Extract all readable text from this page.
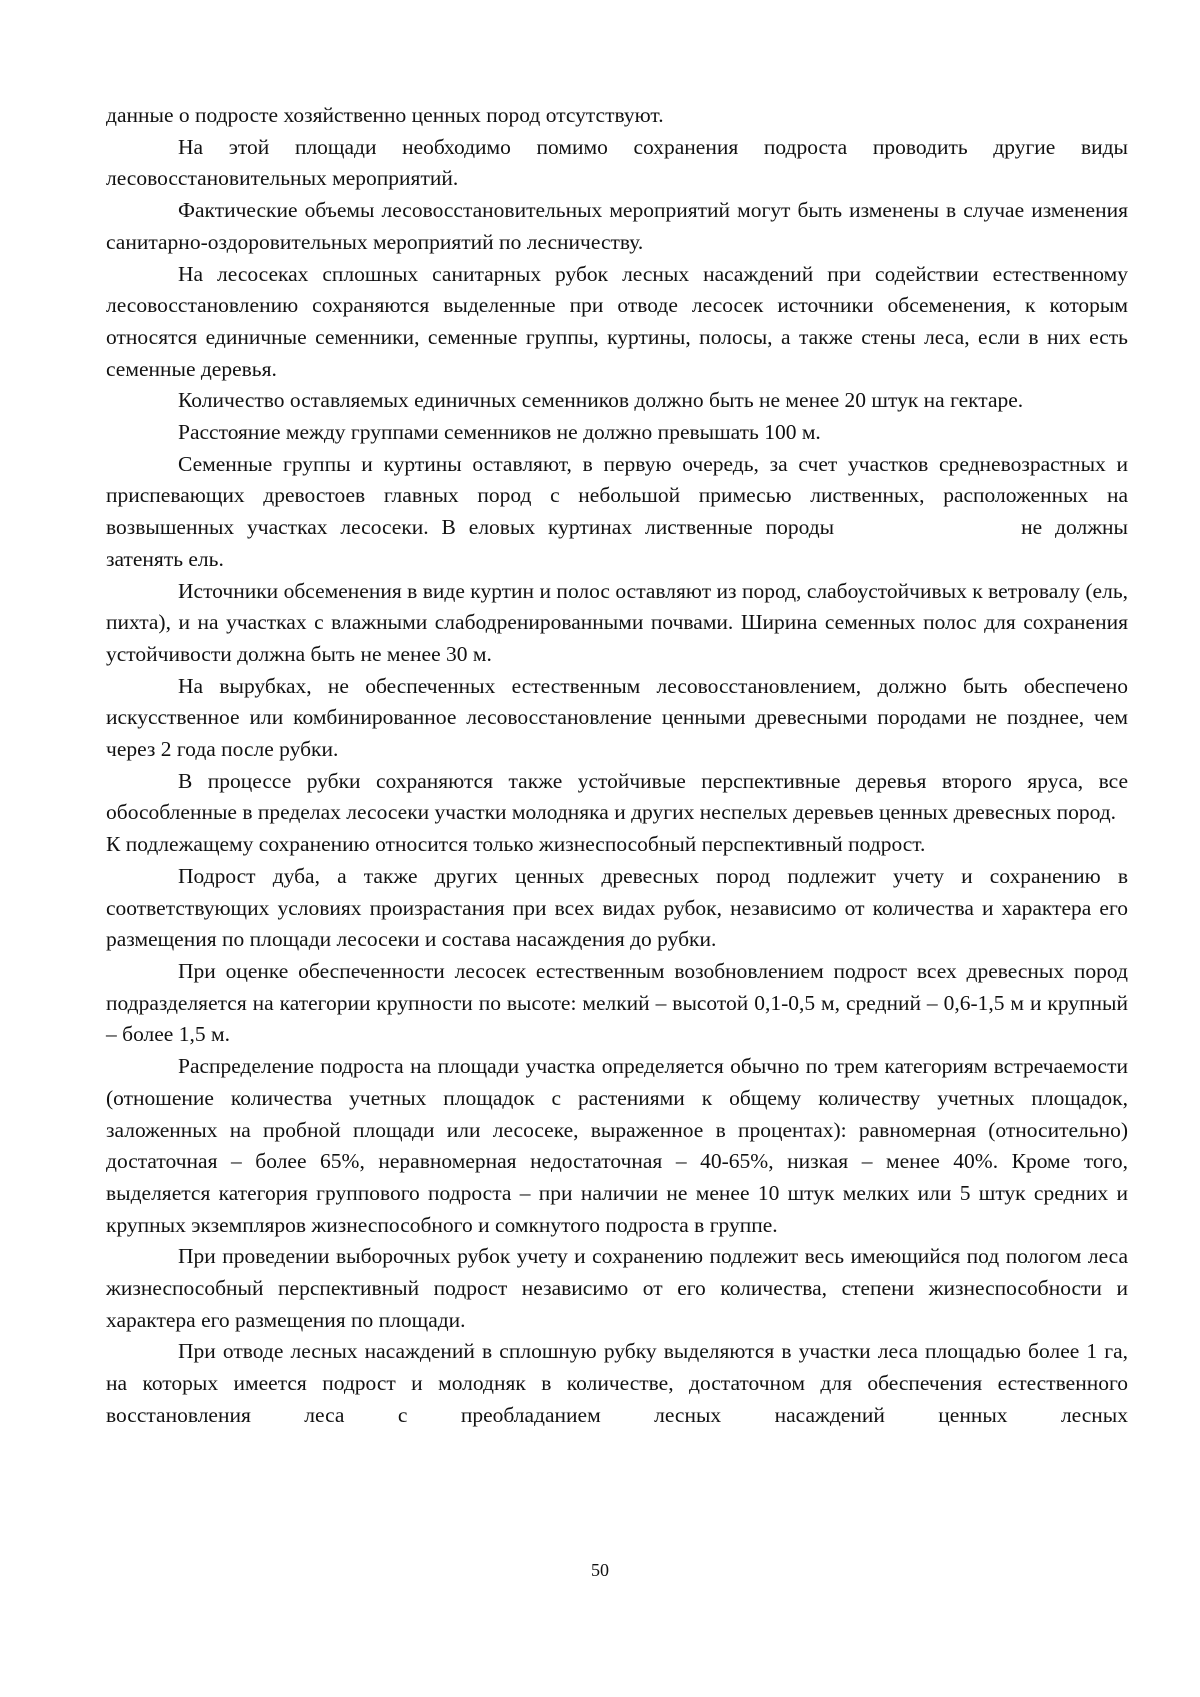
данные о подросте хозяйственно ценных пород отсутствуют.

На этой площади необходимо помимо сохранения подроста проводить другие виды лесовосстановительных мероприятий.

Фактические объемы лесовосстановительных мероприятий могут быть изменены в случае изменения санитарно-оздоровительных мероприятий по лесничеству.

На лесосеках сплошных санитарных рубок лесных насаждений при содействии естественному лесовосстановлению сохраняются выделенные при отводе лесосек источники обсеменения, к которым относятся единичные семенники, семенные группы, куртины, полосы, а также стены леса, если в них есть семенные деревья.

Количество оставляемых единичных семенников должно быть не менее 20 штук на гектаре.

Расстояние между группами семенников не должно превышать 100 м.

Семенные группы и куртины оставляют, в первую очередь, за счет участков средневозрастных и приспевающих древостоев главных пород с небольшой примесью лиственных, расположенных на возвышенных участках лесосеки. В еловых куртинах лиственные породы	не должны затенять ель.

Источники обсеменения в виде куртин и полос оставляют из пород, слабоустойчивых к ветровалу (ель, пихта), и на участках с влажными слабодренированными почвами. Ширина семенных полос для сохранения устойчивости должна быть не менее 30 м.

На вырубках, не обеспеченных естественным лесовосстановлением, должно быть обеспечено искусственное или комбинированное лесовосстановление ценными древесными породами не позднее, чем через 2 года после рубки.

В процессе рубки сохраняются также устойчивые перспективные деревья второго яруса, все обособленные в пределах лесосеки участки молодняка и других неспелых деревьев ценных древесных пород.

К подлежащему сохранению относится только жизнеспособный перспективный подрост.

Подрост дуба, а также других ценных древесных пород подлежит учету и сохранению в соответствующих условиях произрастания при всех видах рубок, независимо от количества и характера его размещения по площади лесосеки и состава насаждения до рубки.

При оценке обеспеченности лесосек естественным возобновлением подрост всех древесных пород подразделяется на категории крупности по высоте: мелкий – высотой 0,1-0,5 м, средний – 0,6-1,5 м и крупный – более 1,5 м.

Распределение подроста на площади участка определяется обычно по трем категориям встречаемости (отношение количества учетных площадок с растениями к общему количеству учетных площадок, заложенных на пробной площади или лесосеке, выраженное в процентах): равномерная (относительно) достаточная – более 65%, неравномерная недостаточная – 40-65%, низкая – менее 40%. Кроме того, выделяется категория группового подроста – при наличии не менее 10 штук мелких или 5 штук средних и крупных экземпляров жизнеспособного и сомкнутого подроста в группе.

При проведении выборочных рубок учету и сохранению подлежит весь имеющийся под пологом леса жизнеспособный перспективный подрост независимо от его количества, степени жизнеспособности и характера его размещения по площади.

При отводе лесных насаждений в сплошную рубку выделяются в участки леса площадью более 1 га, на которых имеется подрост и молодняк в количестве, достаточном для обеспечения естественного восстановления леса с преобладанием лесных насаждений ценных лесных

50
